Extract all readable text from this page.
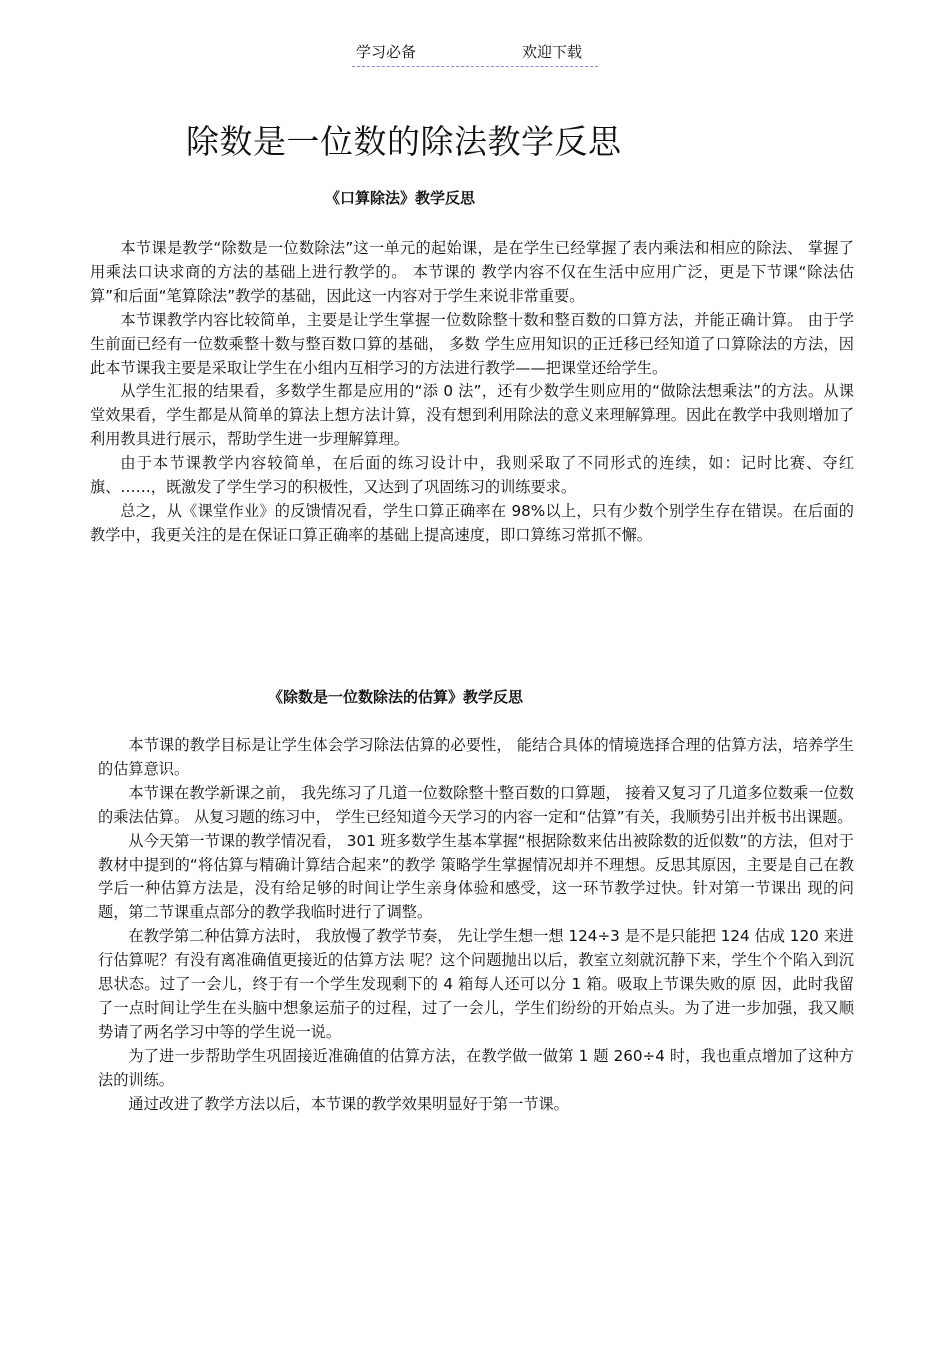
学习必备	欢迎下载
除数是一位数的除法教学反思
《口算除法》教学反思

本节课是教学“除数是一位数除法”这一单元的起始课，是在学生已经掌握了表内乘法和相应的除法、 掌握了用乘法口诀求商的方法的基础上进行教学的。 本节课的 教学内容不仅在生活中应用广泛，更是下节课“除法估算”和后面“笔算除法”教学的基础，因此这一内容对于学生来说非常重要。

本节课教学内容比较简单，主要是让学生掌握一位数除整十数和整百数的口算方法，并能正确计算。 由于学生前面已经有一位数乘整十数与整百数口算的基础， 多数 学生应用知识的正迁移已经知道了口算除法的方法，因此本节课我主要是采取让学生在小组内互相学习的方法进行教学——把课堂还给学生。

从学生汇报的结果看，多数学生都是应用的“添 0 法”，还有少数学生则应用的“做除法想乘法”的方法。从课堂效果看，学生都是从简单的算法上想方法计算，没有想到利用除法的意义来理解算理。因此在教学中我则增加了利用教具进行展示，帮助学生进一步理解算理。

由于本节课教学内容较简单，在后面的练习设计中，我则采取了不同形式的连续，如：记时比赛、夺红旗、……，既激发了学生学习的积极性，又达到了巩固练习的训练要求。

总之，从《课堂作业》的反馈情况看，学生口算正确率在 98%以上，只有少数个别学生存在错误。在后面的教学中，我更关注的是在保证口算正确率的基础上提高速度，即口算练习常抓不懈。

《除数是一位数除法的估算》教学反思

本节课的教学目标是让学生体会学习除法估算的必要性， 能结合具体的情境选择合理的估算方法，培养学生的估算意识。

本节课在教学新课之前， 我先练习了几道一位数除整十整百数的口算题， 接着又复习了几道多位数乘一位数的乘法估算。 从复习题的练习中， 学生已经知道今天学习的内容一定和“估算”有关，我顺势引出并板书出课题。

从今天第一节课的教学情况看， 301 班多数学生基本掌握“根据除数来估出被除数的近似数”的方法，但对于教材中提到的“将估算与精确计算结合起来”的教学 策略学生掌握情况却并不理想。反思其原因，主要是自己在教学后一种估算方法是，没有给足够的时间让学生亲身体验和感受，这一环节教学过快。针对第一节课出 现的问题，第二节课重点部分的教学我临时进行了调整。

在教学第二种估算方法时， 我放慢了教学节奏， 先让学生想一想 124÷3 是不是只能把 124 估成 120 来进行估算呢？有没有离准确值更接近的估算方法 呢？这个问题抛出以后，教室立刻就沉静下来，学生个个陷入到沉思状态。过了一会儿，终于有一个学生发现剩下的 4 箱每人还可以分 1 箱。吸取上节课失败的原 因，此时我留了一点时间让学生在头脑中想象运茄子的过程，过了一会儿，学生们纷纷的开始点头。为了进一步加强，我又顺势请了两名学习中等的学生说一说。

为了进一步帮助学生巩固接近准确值的估算方法，在教学做一做第 1 题 260÷4 时，我也重点增加了这种方法的训练。

通过改进了教学方法以后，本节课的教学效果明显好于第一节课。
